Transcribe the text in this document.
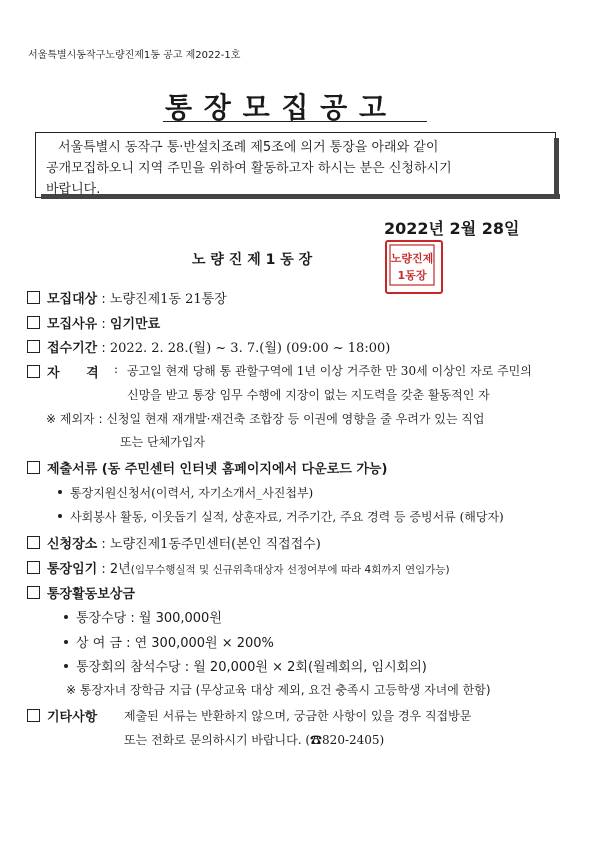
서울특별시동작구노량진제1동 공고 제2022-1호
통 장 모 집 공 고
서울특별시 동작구 통·반설치조례 제5조에 의거 통장을 아래와 같이
공개모집하오니 지역 주민을 위하여 활동하고자 하시는 분은 신청하시기
바랍니다.
2022년 2월 28일
노 량 진 제 1 동 장	노량진제
1동장
모집대상 : 노량진제1동 21통장
모집사유 : 임기만료
접수기간 : 2022. 2. 28.(월) ~ 3. 7.(월) (09:00 ~ 18:00)
자 격	: 공고일 현재 당해 통 관할구역에 1년 이상 거주한 만 30세 이상인 자로 주민의
신망을 받고 통장 임무 수행에 지장이 없는 지도력을 갖춘 활동적인 자
※ 제외자 : 신청일 현재 재개발·재건축 조합장 등 이권에 영향을 줄 우려가 있는 직업
또는 단체가입자
제출서류 (동 주민센터 인터넷 홈페이지에서 다운로드 가능)
통장지원신청서(이력서, 자기소개서_사진첩부)
사회봉사 활동, 이웃돕기 실적, 상훈자료, 거주기간, 주요 경력 등 증빙서류 (해당자)
신청장소 : 노량진제1동주민센터(본인 직접접수)
통장임기 : 2년(임무수행실적 및 신규위촉대상자 선정여부에 따라 4회까지 연임가능)
통장활동보상금
통장수당 : 월 300,000원
상 여 금 : 연 300,000원 × 200%
통장회의 참석수당 : 월 20,000원 × 2회(월례회의, 임시회의)
※ 통장자녀 장학금 지급 (무상교육 대상 제외, 요건 충족시 고등학생 자녀에 한함)
기타사항 제출된 서류는 반환하지 않으며, 궁금한 사항이 있을 경우 직접방문
또는 전화로 문의하시기 바랍니다. (☎820-2405)
